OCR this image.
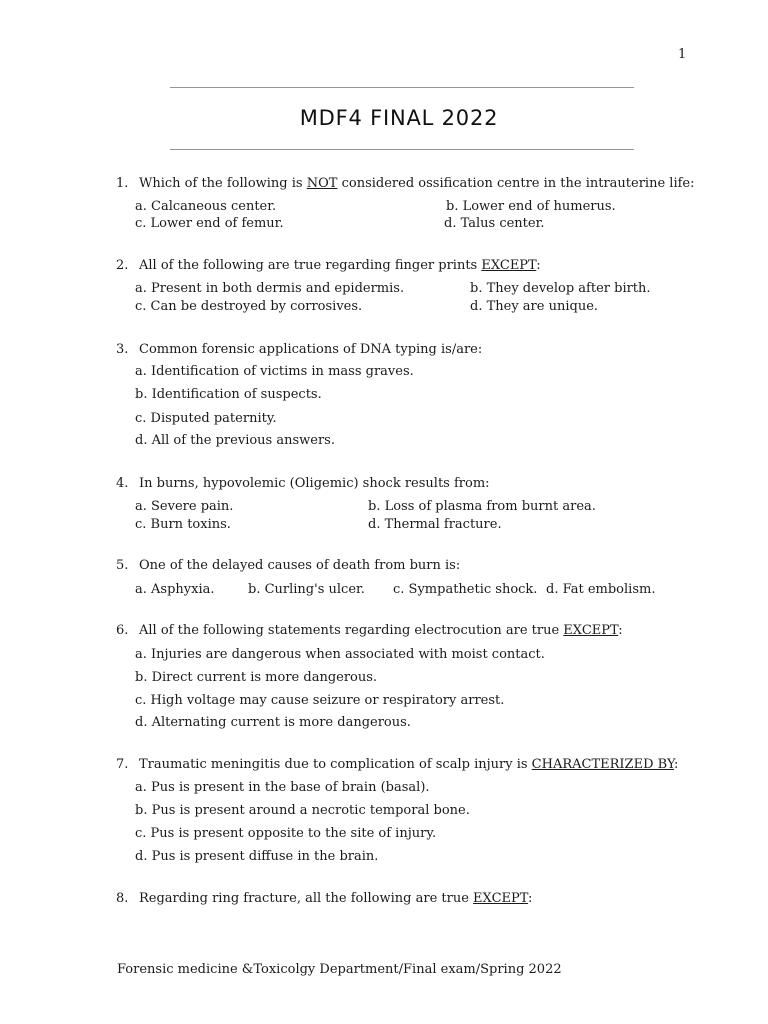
1
MDF4 FINAL 2022
1. Which of the following is NOT considered ossification centre in the intrauterine life:
a. Calcaneous center.	b. Lower end of humerus.
c. Lower end of femur.	d. Talus center.
2. All of the following are true regarding finger prints EXCEPT:
a. Present in both dermis and epidermis.	b. They develop after birth.
c. Can be destroyed by corrosives.	d. They are unique.
3. Common forensic applications of DNA typing is/are:
a. Identification of victims in mass graves.
b. Identification of suspects.
c. Disputed paternity.
d. All of the previous answers.
4. In burns, hypovolemic (Oligemic) shock results from:
a. Severe pain.	b. Loss of plasma from burnt area.
c. Burn toxins.	d. Thermal fracture.
5. One of the delayed causes of death from burn is:
a. Asphyxia.	b. Curling's ulcer. c. Sympathetic shock. d. Fat embolism.
6. All of the following statements regarding electrocution are true EXCEPT:
a. Injuries are dangerous when associated with moist contact.
b. Direct current is more dangerous.
c. High voltage may cause seizure or respiratory arrest.
d. Alternating current is more dangerous.
7. Traumatic meningitis due to complication of scalp injury is CHARACTERIZED BY:
a. Pus is present in the base of brain (basal).
b. Pus is present around a necrotic temporal bone.
c. Pus is present opposite to the site of injury.
d. Pus is present diffuse in the brain.
8. Regarding ring fracture, all the following are true EXCEPT:
Forensic medicine &Toxicolgy Department/Final exam/Spring 2022
